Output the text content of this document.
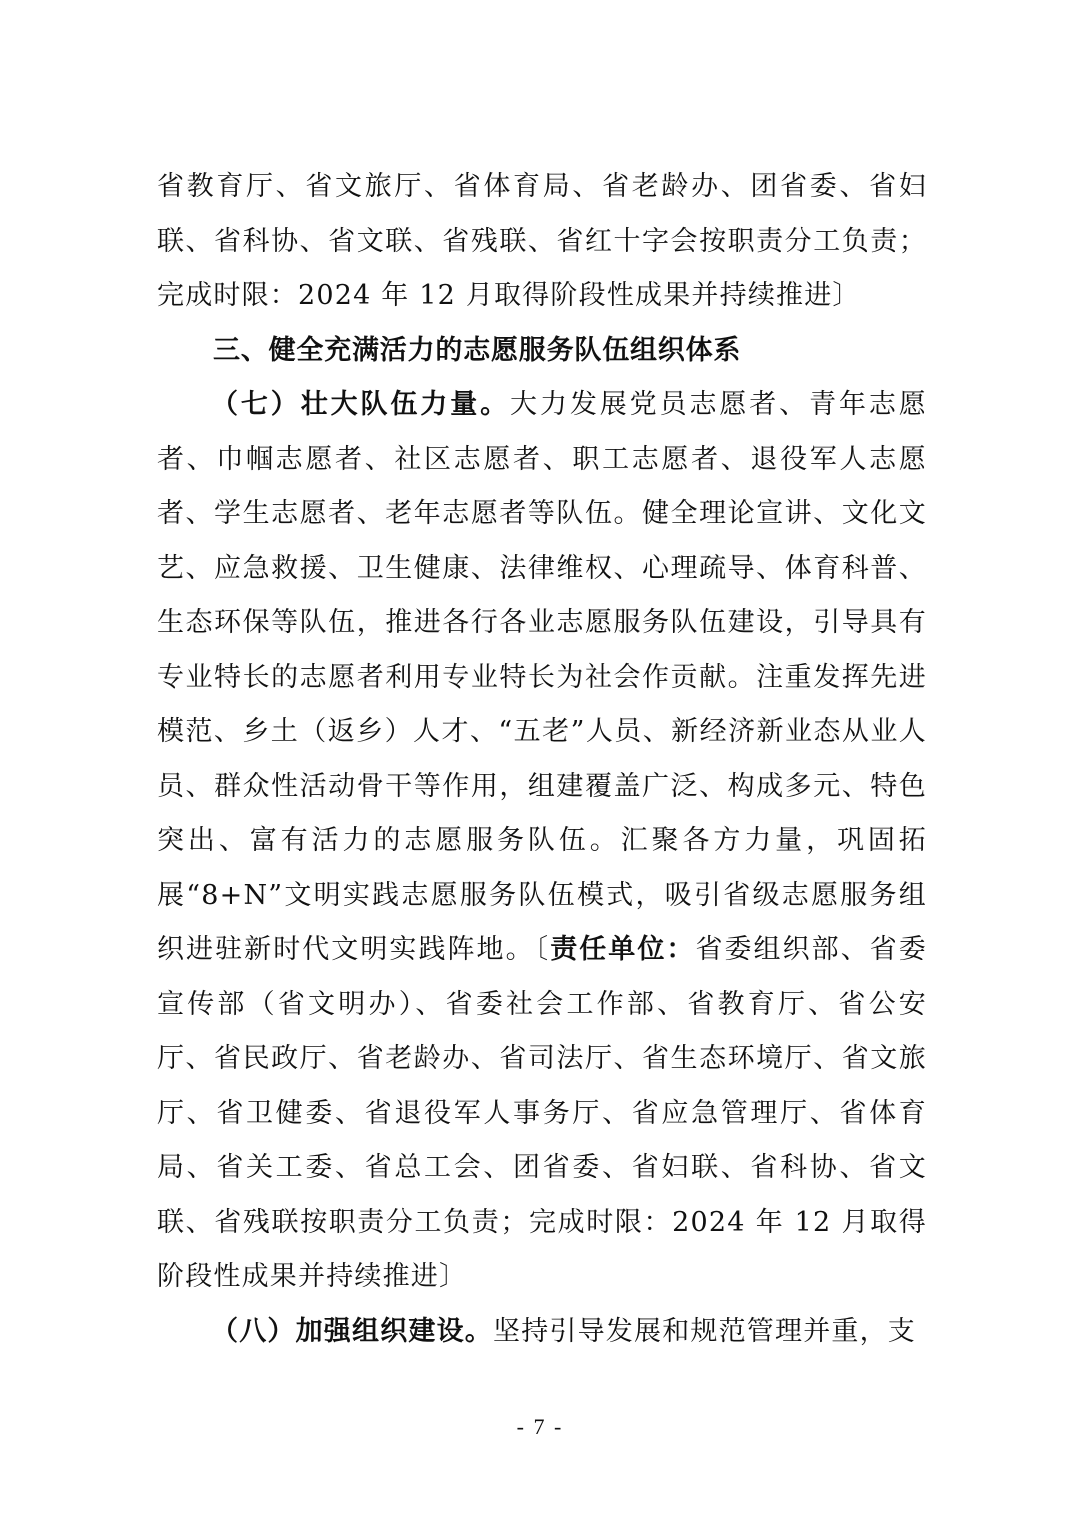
省教育厅、省文旅厅、省体育局、省老龄办、团省委、省妇联、省科协、省文联、省残联、省红十字会按职责分工负责；完成时限：2024 年 12 月取得阶段性成果并持续推进〕

三、健全充满活力的志愿服务队伍组织体系

（七）壮大队伍力量。大力发展党员志愿者、青年志愿者、巾帼志愿者、社区志愿者、职工志愿者、退役军人志愿者、学生志愿者、老年志愿者等队伍。健全理论宣讲、文化文艺、应急救援、卫生健康、法律维权、心理疏导、体育科普、生态环保等队伍，推进各行各业志愿服务队伍建设，引导具有专业特长的志愿者利用专业特长为社会作贡献。注重发挥先进模范、乡土（返乡）人才、“五老”人员、新经济新业态从业人员、群众性活动骨干等作用，组建覆盖广泛、构成多元、特色突出、富有活力的志愿服务队伍。汇聚各方力量，巩固拓展“8+N”文明实践志愿服务队伍模式，吸引省级志愿服务组织进驻新时代文明实践阵地。〔责任单位：省委组织部、省委宣传部（省文明办）、省委社会工作部、省教育厅、省公安厅、省民政厅、省老龄办、省司法厅、省生态环境厅、省文旅厅、省卫健委、省退役军人事务厅、省应急管理厅、省体育局、省关工委、省总工会、团省委、省妇联、省科协、省文联、省残联按职责分工负责；完成时限：2024 年 12 月取得阶段性成果并持续推进〕

（八）加强组织建设。坚持引导发展和规范管理并重，支

- 7 -
